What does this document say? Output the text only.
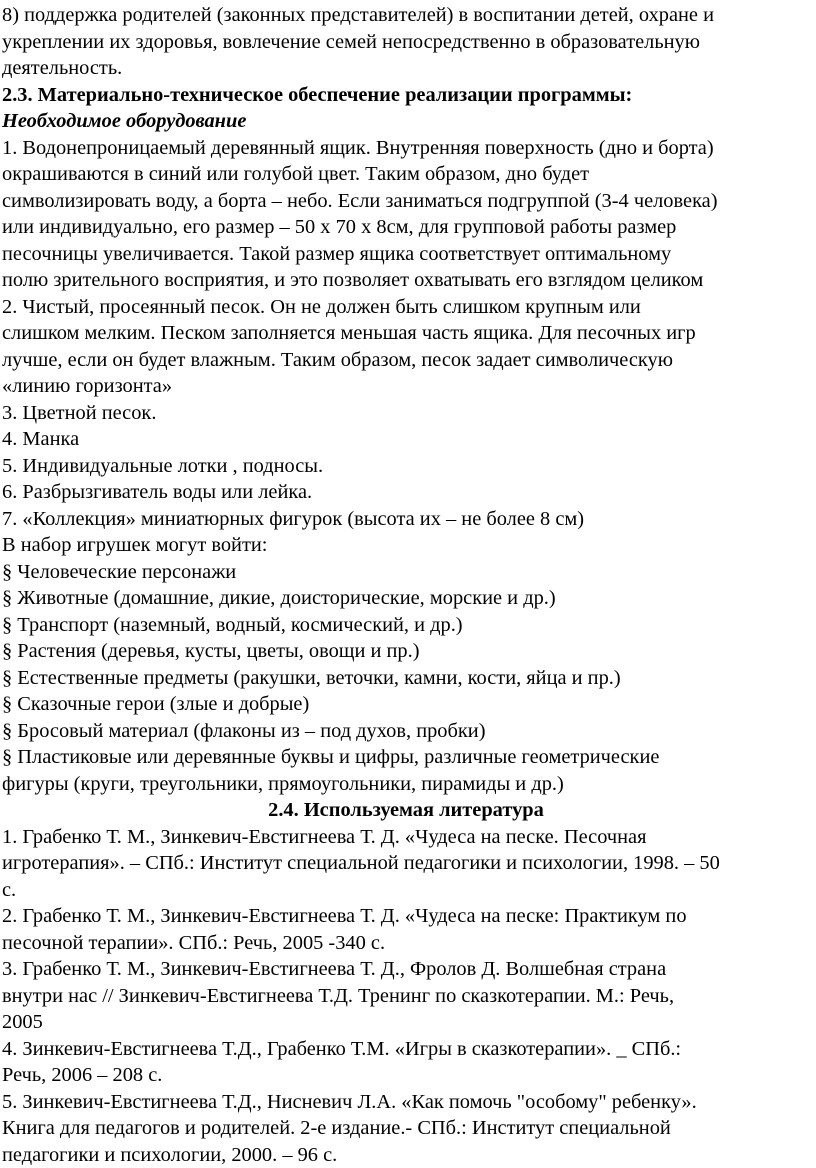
8) поддержка родителей (законных представителей) в воспитании детей, охране и
укреплении их здоровья, вовлечение семей непосредственно в образовательную
деятельность.
2.3. Материально-техническое обеспечение реализации программы:
Необходимое оборудование
1. Водонепроницаемый деревянный ящик. Внутренняя поверхность (дно и борта)
окрашиваются в синий или голубой цвет. Таким образом, дно будет
символизировать воду, а борта – небо. Если заниматься подгруппой (3-4 человека)
или индивидуально, его размер – 50 х 70 х 8см, для групповой работы размер
песочницы увеличивается. Такой размер ящика соответствует оптимальному
полю зрительного восприятия, и это позволяет охватывать его взглядом целиком
2. Чистый, просеянный песок. Он не должен быть слишком крупным или
слишком мелким. Песком заполняется меньшая часть ящика. Для песочных игр
лучше, если он будет влажным. Таким образом, песок задает символическую
«линию горизонта»
3. Цветной песок.
4. Манка
5. Индивидуальные лотки , подносы.
6. Разбрызгиватель воды или лейка.
7. «Коллекция» миниатюрных фигурок (высота их – не более 8 см)
В набор игрушек могут войти:
§ Человеческие персонажи
§ Животные (домашние, дикие, доисторические, морские и др.)
§ Транспорт (наземный, водный, космический, и др.)
§ Растения (деревья, кусты, цветы, овощи и пр.)
§ Естественные предметы (ракушки, веточки, камни, кости, яйца и пр.)
§ Сказочные герои (злые и добрые)
§ Бросовый материал (флаконы из – под духов, пробки)
§ Пластиковые или деревянные буквы и цифры, различные геометрические
фигуры (круги, треугольники, прямоугольники, пирамиды и др.)
2.4. Используемая литература
1. Грабенко Т. М., Зинкевич-Евстигнеева Т. Д. «Чудеса на песке. Песочная
игротерапия». – СПб.: Институт специальной педагогики и психологии, 1998. – 50
с.
2. Грабенко Т. М., Зинкевич-Евстигнеева Т. Д. «Чудеса на песке: Практикум по
песочной терапии». СПб.: Речь, 2005 -340 с.
3. Грабенко Т. М., Зинкевич-Евстигнеева Т. Д., Фролов Д. Волшебная страна
внутри нас // Зинкевич-Евстигнеева Т.Д. Тренинг по сказкотерапии. М.: Речь,
2005
4. Зинкевич-Евстигнеева Т.Д., Грабенко Т.М. «Игры в сказкотерапии». _ СПб.:
Речь, 2006 – 208 с.
5. Зинкевич-Евстигнеева Т.Д., Нисневич Л.А. «Как помочь "особому" ребенку».
Книга для педагогов и родителей. 2-е издание.- СПб.: Институт специальной
педагогики и психологии, 2000. – 96 с.
